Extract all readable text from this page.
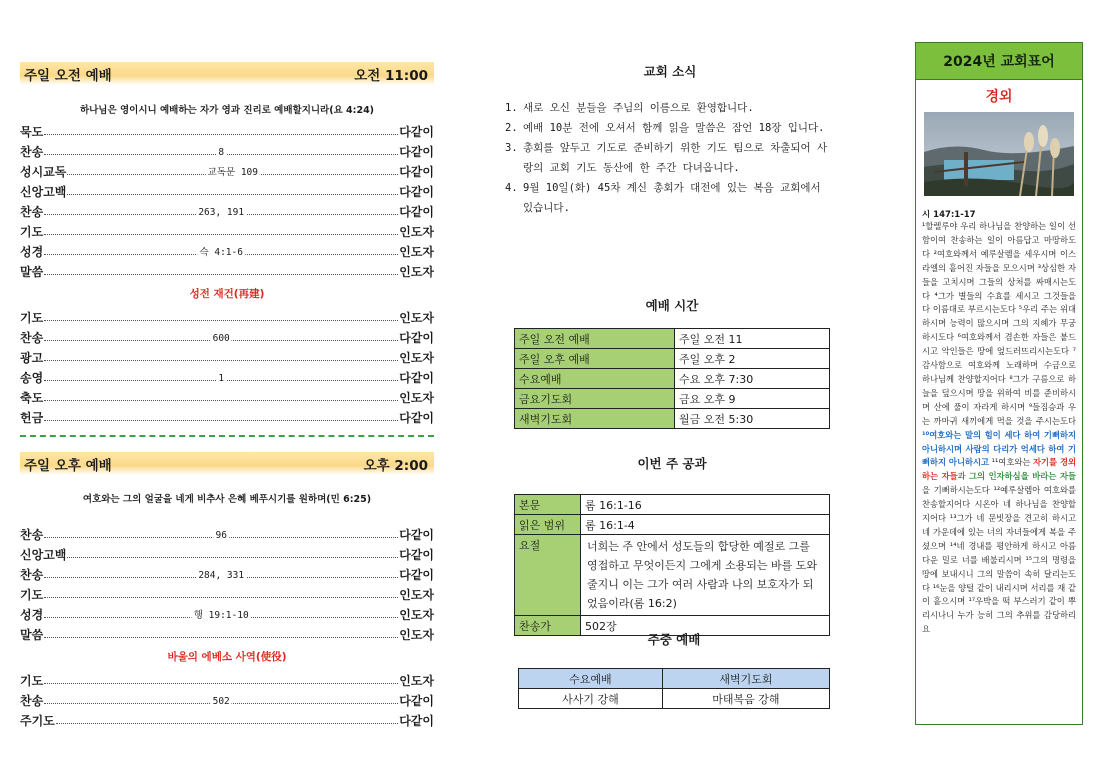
주일 오전 예배	오전 11:00
하나님은 영이시니 예배하는 자가 영과 진리로 예배할지니라(요 4:24)
묵도	다같이
찬송	8	다같이
성시교독	교독문 109	다같이
신앙고백	다같이
찬송	263, 191	다같이
기도	인도자
성경	슥 4:1-6	인도자
말씀	인도자
성전 재건(再建)
기도	인도자
찬송	600	다같이
광고	인도자
송영	1	다같이
축도	인도자
헌금	다같이
주일 오후 예배	오후 2:00
여호와는 그의 얼굴을 네게 비추사 은혜 베푸시기를 원하며(민 6:25)
찬송	96	다같이
신앙고백	다같이
찬송	284, 331	다같이
기도	인도자
성경	행 19:1-10	인도자
말씀	인도자
바울의 에베소 사역(使役)
기도	인도자
찬송	502	다같이
주기도	다같이
교회 소식
1. 새로 오신 분들을 주님의 이름으로 환영합니다.
2. 예배 10분 전에 오셔서 함께 읽을 말씀은 잠언 18장 입니다.
3. 총회를 앞두고 기도로 준비하기 위한 기도 팀으로 차출되어 사랑의 교회 기도 동산에 한 주간 다녀옵니다.
4. 9월 10일(화) 45차 계신 총회가 대전에 있는 복음 교회에서 있습니다.
예배 시간
주일 오전 예배	주일 오전 11
주일 오후 예배	주일 오후 2
수요예배	수요 오후 7:30
금요기도회	금요 오후 9
새벽기도회	월금 오전 5:30
이번 주 공과
본문	롬 16:1-16
읽은 범위	롬 16:1-4
요절	너희는 주 안에서 성도들의 합당한 예절로 그를 영접하고 무엇이든지 그에게 소용되는 바를 도와 줄지니 이는 그가 여러 사람과 나의 보호자가 되었음이라(롬 16:2)
찬송가	502장
주중 예배
수요예배	새벽기도회
사사기 강해	마태복음 강해
2024년 교회표어
경외
시 147:1-17
¹할렐루야 우리 하나님을 찬양하는 일이 선함이여 찬송하는 일이 아름답고 마땅하도다 ²여호와께서 예루살렘을 세우시며 이스라엘의 흩어진 자들을 모으시며 ³상심한 자들을 고치시며 그들의 상처를 싸매시는도다 ⁴그가 별들의 수효를 세시고 그것들을 다 이름대로 부르시는도다 ⁵우리 주는 위대하시며 능력이 많으시며 그의 지혜가 무궁하시도다 ⁶여호와께서 겸손한 자들은 붙드시고 악인들은 땅에 엎드러뜨리시는도다 ⁷감사함으로 여호와께 노래하며 수금으로 하나님께 찬양할지어다 ⁸그가 구름으로 하늘을 덮으시며 땅을 위하여 비를 준비하시며 산에 풀이 자라게 하시며 ⁹들짐승과 우는 까마귀 새끼에게 먹을 것을 주시는도다 ¹⁰여호와는 말의 힘이 세다 하여 기뻐하지 아니하시며 사람의 다리가 억세다 하여 기뻐하지 아니하시고 ¹¹여호와는 자기를 경외하는 자들과 그의 인자하심을 바라는 자들을 기뻐하시는도다 ¹²예루살렘아 여호와를 찬송할지어다 시온아 네 하나님을 찬양할지어다 ¹³그가 네 문빗장을 견고히 하시고 네 가운데에 있는 너의 자녀들에게 복을 주셨으며 ¹⁴네 경내를 평안하게 하시고 아름다운 밀로 너를 배불리시며 ¹⁵그의 명령을 땅에 보내시니 그의 말씀이 속히 달리는도다 ¹⁶눈을 양털 같이 내리시며 서리를 재 같이 흩으시며 ¹⁷우박을 떡 부스러기 같이 뿌리시나니 누가 능히 그의 추위를 감당하리요
